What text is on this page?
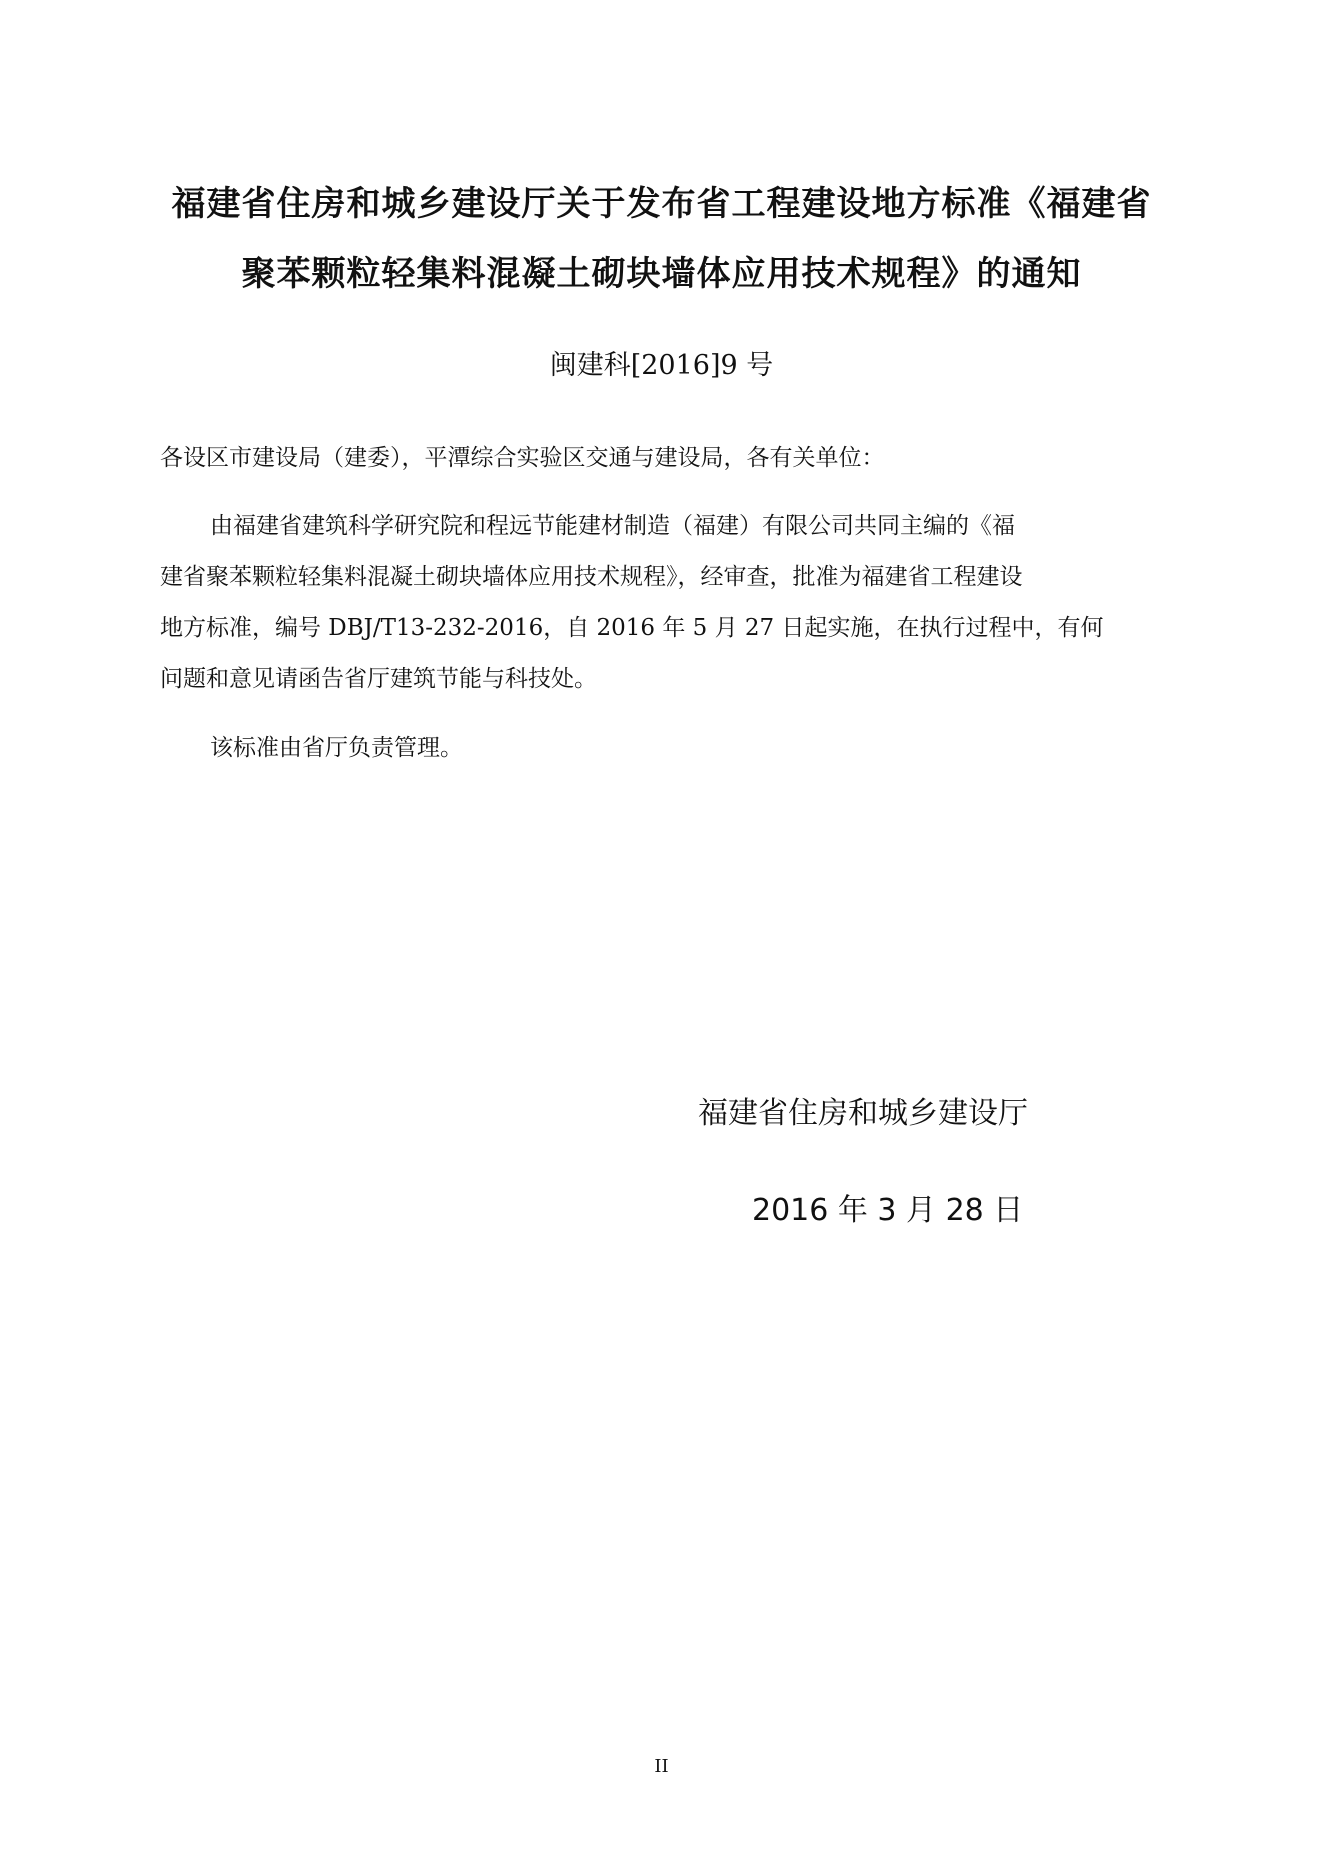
福建省住房和城乡建设厅关于发布省工程建设地方标准《福建省
聚苯颗粒轻集料混凝土砌块墙体应用技术规程》的通知
闽建科[2016]9 号
各设区市建设局（建委），平潭综合实验区交通与建设局，各有关单位：
由福建省建筑科学研究院和程远节能建材制造（福建）有限公司共同主编的《福
建省聚苯颗粒轻集料混凝土砌块墙体应用技术规程》，经审查，批准为福建省工程建设
地方标准，编号 DBJ/T13-232-2016，自 2016 年 5 月 27 日起实施，在执行过程中，有何
问题和意见请函告省厅建筑节能与科技处。
该标准由省厅负责管理。
福建省住房和城乡建设厅
2016 年 3 月 28 日
II
